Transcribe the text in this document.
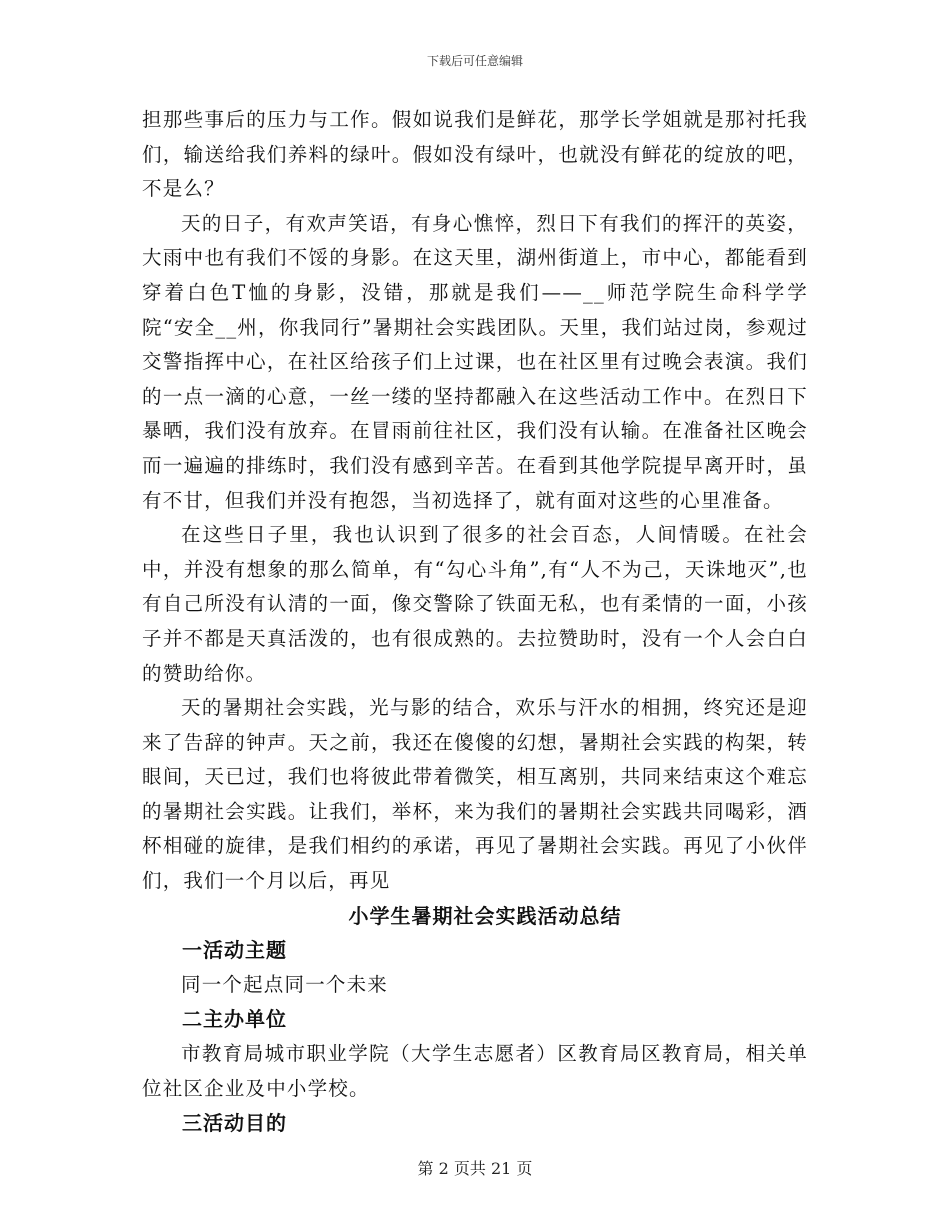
下载后可任意编辑

担那些事后的压力与工作。假如说我们是鲜花，那学长学姐就是那衬托我们，输送给我们养料的绿叶。假如没有绿叶，也就没有鲜花的绽放的吧，不是么？

天的日子，有欢声笑语，有身心憔悴，烈日下有我们的挥汗的英姿，大雨中也有我们不馁的身影。在这天里，湖州街道上，市中心，都能看到穿着白色T恤的身影，没错，那就是我们——__师范学院生命科学学院“安全__州，你我同行”暑期社会实践团队。天里，我们站过岗，参观过交警指挥中心，在社区给孩子们上过课，也在社区里有过晚会表演。我们的一点一滴的心意，一丝一缕的坚持都融入在这些活动工作中。在烈日下暴晒，我们没有放弃。在冒雨前往社区，我们没有认输。在准备社区晚会而一遍遍的排练时，我们没有感到辛苦。在看到其他学院提早离开时，虽有不甘，但我们并没有抱怨，当初选择了，就有面对这些的心里准备。

在这些日子里，我也认识到了很多的社会百态，人间情暖。在社会中，并没有想象的那么简单，有“勾心斗角”,有“人不为己，天诛地灭”,也有自己所没有认清的一面，像交警除了铁面无私，也有柔情的一面，小孩子并不都是天真活泼的，也有很成熟的。去拉赞助时，没有一个人会白白的赞助给你。

天的暑期社会实践，光与影的结合，欢乐与汗水的相拥，终究还是迎来了告辞的钟声。天之前，我还在傻傻的幻想，暑期社会实践的构架，转眼间，天已过，我们也将彼此带着微笑，相互离别，共同来结束这个难忘的暑期社会实践。让我们，举杯，来为我们的暑期社会实践共同喝彩，酒杯相碰的旋律，是我们相约的承诺，再见了暑期社会实践。再见了小伙伴们，我们一个月以后，再见

小学生暑期社会实践活动总结

一活动主题

同一个起点同一个未来

二主办单位

市教育局城市职业学院（大学生志愿者）区教育局区教育局，相关单位社区企业及中小学校。

三活动目的

第 2 页共 21 页
